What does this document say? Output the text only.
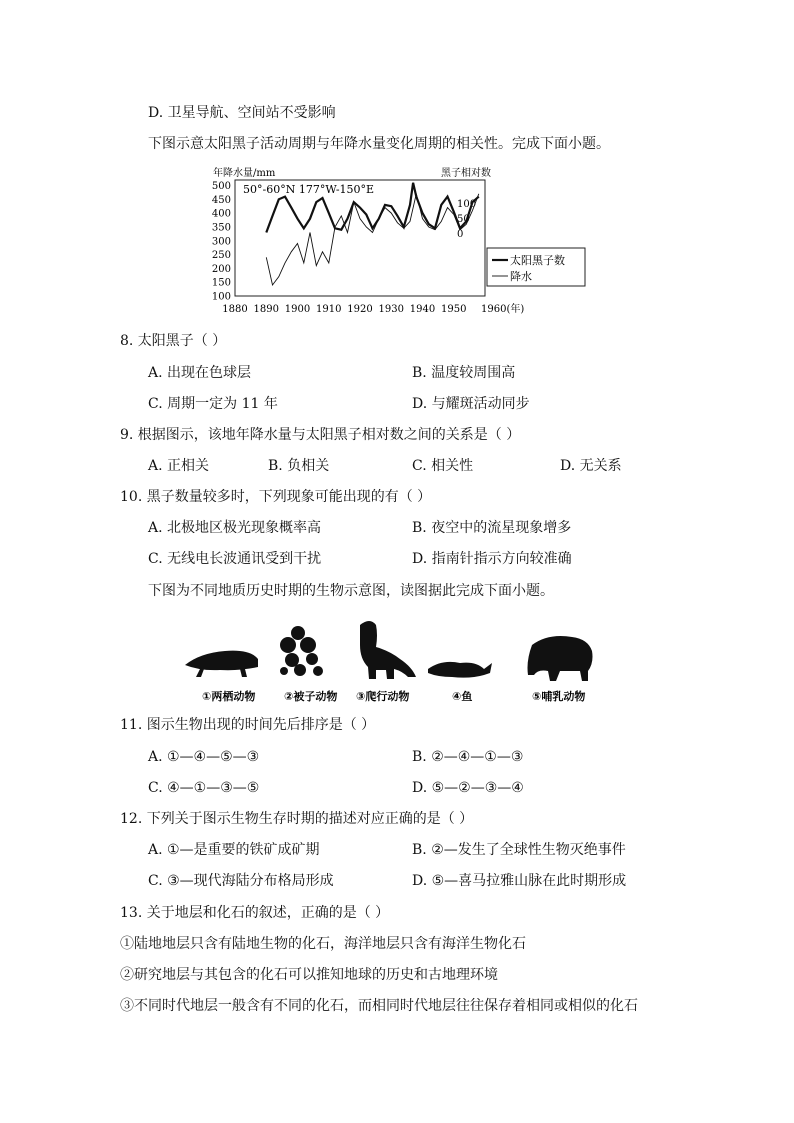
D. 卫星导航、空间站不受影响
下图示意太阳黑子活动周期与年降水量变化周期的相关性。完成下面小题。
年降水量/mm	黑子相对数
50°-60°N 177°W-150°E
500
450
400
350
300
250
200
150
100
100
50
0
1880 1890 1900 1910 1920 1930 1940 1950 1960(年)
太阳黑子数
降水
8. 太阳黑子（ ）
A. 出现在色球层	B. 温度较周围高
C. 周期一定为 11 年	D. 与耀斑活动同步
9. 根据图示，该地年降水量与太阳黑子相对数之间的关系是（ ）
A. 正相关	B. 负相关	C. 相关性	D. 无关系
10. 黑子数量较多时，下列现象可能出现的有（ ）
A. 北极地区极光现象概率高	B. 夜空中的流星现象增多
C. 无线电长波通讯受到干扰	D. 指南针指示方向较准确
下图为不同地质历史时期的生物示意图，读图据此完成下面小题。
①两栖动物	②被子动物 ③爬行动物	④鱼	⑤哺乳动物
11. 图示生物出现的时间先后排序是（ ）
A. ①—④—⑤—③	B. ②—④—①—③
C. ④—①—③—⑤	D. ⑤—②—③—④
12. 下列关于图示生物生存时期的描述对应正确的是（ ）
A. ①—是重要的铁矿成矿期	B. ②—发生了全球性生物灭绝事件
C. ③—现代海陆分布格局形成	D. ⑤—喜马拉雅山脉在此时期形成
13. 关于地层和化石的叙述，正确的是（ ）
①陆地地层只含有陆地生物的化石，海洋地层只含有海洋生物化石
②研究地层与其包含的化石可以推知地球的历史和古地理环境
③不同时代地层一般含有不同的化石，而相同时代地层往往保存着相同或相似的化石
